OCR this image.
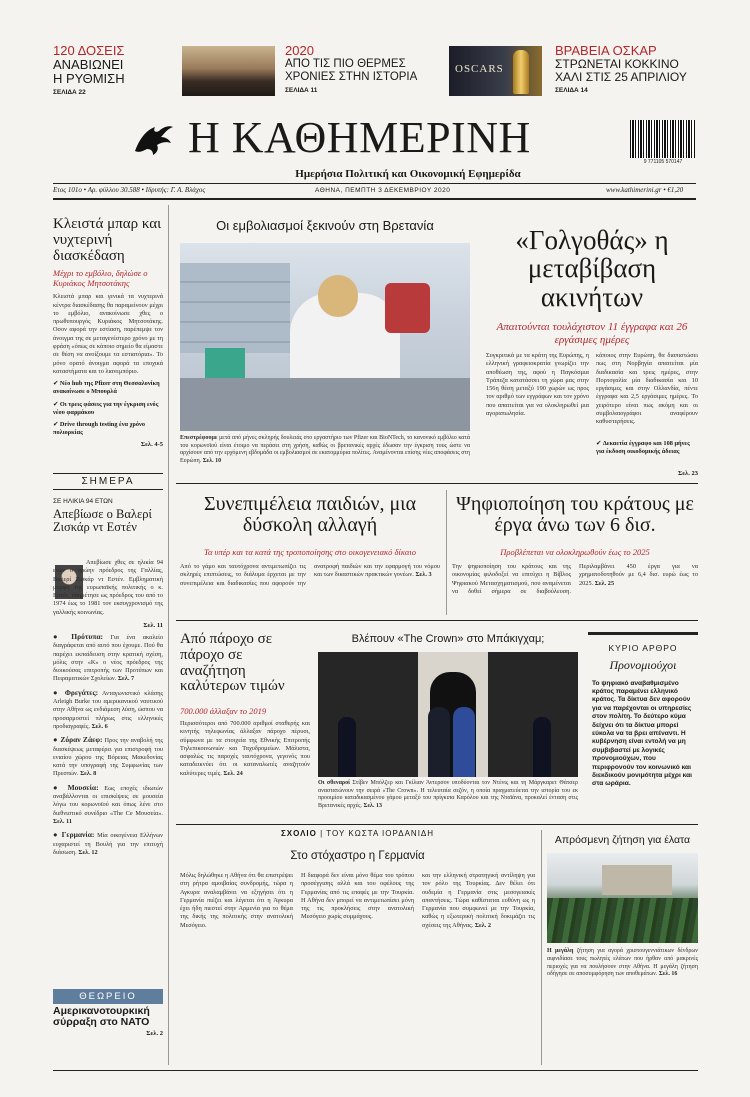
120 ΔΟΣΕΙΣ
ΑΝΑΒΙΩΝΕΙ
Η ΡΥΘΜΙΣΗ
ΣΕΛΙΔΑ 22
2020
ΑΠΟ ΤΙΣ ΠΙΟ ΘΕΡΜΕΣ
ΧΡΟΝΙΕΣ ΣΤΗΝ ΙΣΤΟΡΙΑ
ΣΕΛΙΔΑ 11
OSCARS
ΒΡΑΒΕΙΑ ΟΣΚΑΡ
ΣΤΡΩΝΕΤΑΙ ΚΟΚΚΙΝΟ
ΧΑΛΙ ΣΤΙΣ 25 ΑΠΡΙΛΙΟΥ
ΣΕΛΙΔΑ 14
Η ΚΑΘΗΜΕΡΙΝΗ
Ημερήσια Πολιτική και Οικονομική Εφημερίδα
9 771105 570147
Ετος 101ο • Αρ. φύλλου 30.588 • Ιδρυτής: Γ. Α. Βλάχος	ΑΘΗΝΑ, ΠΕΜΠΤΗ 3 ΔΕΚΕΜΒΡΙΟΥ 2020	www.kathimerini.gr • €1,20
Κλειστά μπαρ και νυχτερινή διασκέδαση
Μέχρι το εμβόλιο, δηλώσε ο Κυριάκος Μητσοτάκης
Κλειστά μπαρ και γενικά τα νυχτερινά κέντρα διασκέδασης θα παραμείνουν μέχρι το εμβόλιο, ανακοίνωσε χθες ο πρωθυπουργός Κυριάκος Μητσοτάκης. Οσον αφορά την εστίαση, παρέπεμψε τον άνοιγμα της σε μεταγενέστερο χρόνο με τη φράση «όπως σε κάποιο σημείο θα είμαστε σε θέση να ανοίξουμε τα εστιατόρια». Το μόνο ορατό άνοιγμα αφορά τα εποχικά καταστήματα και το λιανεμπόριο.
✔ Νέο hub της Pfizer στη Θεσσαλονίκη ανακοίνωσε ο Μπουρλά
✔ Οι τρεις φάσεις για την έγκριση ενός νέου φαρμάκου
✔ Drive through testing ένα χρόνο πολιορκίας
Σελ. 4-5
ΣΗΜΕΡΑ
ΣΕ ΗΛΙΚΙΑ 94 ΕΤΩΝ
Απεβίωσε ο Βαλερί Ζισκάρ ντ Εστέν
Απεβίωσε χθες σε ηλικία 94 ετών ο πρώην πρόεδρος της Γαλλίας, Βαλερί Ζισκάρ ντ Εστέν. Εμβληματική μορφή της ευρωπαϊκής πολιτικής ο κ. Εστέν, υπηρέτησε ως πρόεδρος του από το 1974 έως το 1981 τον εκσυγχρονισμό της γαλλικής κοινωνίας.
Σελ. 11
● Πρότυπα: Για ένα ακαλείο διαγράφεται από αυτό που έχουμε. Πού θα παρέχει εκπαίδευση στην κρατική σχέση, μόλις στην «Κ» ο νέος πρόεδρος της διοικούσας επιτροπής των Προτύπων και Πειραματικών Σχολείων. Σελ. 7
● Φρεγάτες: Ανταγωνιστικό κλάσης Arleigh Burke του αμερικανικού ναυτικού στην Αθήνα ως ενδιάμεση λύση, ώσπου να προσαρμοστεί πλήρως στις ελληνικές προδιαγραφές. Σελ. 6
● Ζόραν Ζάεφ: Προς την αναβολή της διασκέψεως μεταφέρει για επιστροφή του ενιαίου χώρου της Βόρειας Μακεδονίας κατά την υπογραφή της Συμφωνίας των Πρεσπών. Σελ. 8
● Μουσεία: Εως εποχές ιδιωτών αναβάλλονται οι επισκέψεις σε μουσεία λόγω του κορωνοϊού και όπως λένε στο διεθνιστικό συνέδριο «The Ce Μουσεία». Σελ. 11
● Γερμανία: Μία οικογένεια Ελλήνων ευχαριστεί τη Βουλή για την επιτυχή διάσωση. Σελ. 12
ΘΕΩΡΕΙΟ
Αμερικανοτουρκική σύρραξη στο ΝΑΤΟ
Σελ. 2
Οι εμβολιασμοί ξεκινούν στη Βρετανία
Επεστρέφουμε μετά από μήνες σκληρής δουλειάς στο εργαστήριο των Pfizer και BioNTech, το κανονικό εμβόλιο κατά του κορωνοϊού είναι έτοιμο να περάσει στη χρήση, καθώς οι βρετανικές αρχές έδωσαν την έγκριση τους ώστε να αρχίσουν από την ερχόμενη εβδομάδα οι εμβολιασμοί σε εκατομμύρια πολίτες. Αναμένονται επίσης νέες αποφάσεις στη Ευρώπη. Σελ. 10
«Γολγοθάς» η μεταβίβαση ακινήτων
Απαιτούνται τουλάχιστον 11 έγγραφα και 26 εργάσιμες ημέρες
Συγκριτικά με τα κράτη της Ευρώπης, η ελληνική γραφειοκρατία γνωρίζει την αποθέωση της, αφού η Παγκόσμια Τράπεζα κατατάσσει τη χώρα μας στην 156η θέση μεταξύ 190 χωρών ως προς τον αριθμό των εγγράφων και τον χρόνο που απαιτείται για να ολοκληρωθεί μια αγοραπωλησία.
κάποιος στην Ευρώπη, θα διαπιστώσει πως στη Νορβηγία απαιτείται μία διαδικασία και τρεις ημέρες, στην Πορτογαλία μία διαδικασία και 10 εργάσιμες και στην Ολλανδία, πέντε έγγραφα και 2,5 εργάσιμες ημέρες. Το χειρότερο είναι πως ακόμη και οι συμβολαιογράφοι αναφέρουν καθυστερήσεις.
✔ Δεκαετία έγγραφο και 108 μήνες για έκδοση οικοδομικής άδειας
Σελ. 23
Συνεπιμέλεια παιδιών, μια δύσκολη αλλαγή
Τα υπέρ και τα κατά της τροποποίησης στο οικογενειακό δίκαιο
Από το γάμο και ταυτόχρονα αντιμετωπίζει τις σκληρές επιπτώσεις, το διάλυμα έρχεται με την συνεπιμέλεια και διαδικασίες που αφορούν την ανατροφή παιδιών και την εφαρμογή του νόμου και των δικαστικών πρακτικών γονέων. Σελ. 3
Ψηφιοποίηση του κράτους με έργα άνω των 6 δισ.
Προβλέπεται να ολοκληρωθούν έως το 2025
Την ψηφιοποίηση του κράτους και της οικονομίας φιλοδοξεί να επιτύχει η Βίβλος Ψηφιακού Μετασχηματισμού, που αναμένεται να δοθεί σήμερα σε διαβούλευση. Περιλαμβάνει 450 έργα για να χρηματοδοτηθούν με 6,4 δισ. ευρώ έως το 2025. Σελ. 25
Από πάροχο σε πάροχο σε αναζήτηση καλύτερων τιμών
700.000 άλλαξαν το 2019
Περισσότεροι από 700.000 αριθμοί σταθερής και κινητής τηλεφωνίας άλλαξαν πάροχο πέρυσι, σύμφωνα με τα στοιχεία της Εθνικής Επιτροπής Τηλεπικοινωνιών και Ταχυδρομείων. Μάλιστα, ασφαλώς τις παροχές ταυτόχρονα, γεγονός που καταδεικνύει ότι οι καταναλωτές αναζητούν καλύτερες τιμές. Σελ. 24
Βλέπουν «The Crown» στο Μπάκιγχαμ;
Οι σθεναροί Στίβεν Μπόλζερ και Γκίλιαν Άντερσον υποδύονται τον Ντένις και τη Μάργκαρετ Θάτσερ αναστατώνουν την σειρά «The Crown». Η τελευταία σεζόν, η οποία πραγματεύεται την ιστορία του εκ προοιμίου καταδικασμένου γάμου μεταξύ του πρίγκιπα Καρόλου και της Νταϊάνα, προκαλεί ένταση στις Βρετανικές αρχές. Σελ. 13
ΚΥΡΙΟ ΑΡΘΡΟ
Προνομιούχοι
Το ψηφιακό αναβαθμισμένο κράτος παραμένει ελληνικό κράτος. Τα δίκτυα δεν αφορούν για να παρέχονται οι υπηρεσίες στον πολίτη. Το δεύτερο κύμα δείχνει ότι τα δίκτυα μπορεί εύκολα να τα βρει απέναντι. Η κυβέρνηση είναι εντολή να μη συμβιβαστεί με λογικές προνομιούχων, που περιφρονούν τον κοινωνικό και διεκδικούν μονιμότητα μέχρι και στα ωράρια.
ΣΧΟΛΙΟ | ΤΟΥ ΚΩΣΤΑ ΙΟΡΔΑΝΙΔΗ
Στο στόχαστρο η Γερμανία
Μόλις δηλώθηκε η Αθήνα ότι θα επιστρέψει στη ρήτρα αμοιβαίας συνδρομής, τώρα η Αγκυρα αναλαμβάνει να εξηγήσει ότι η Γερμανία πιέζει και λέγεται ότι η Άγκυρα έχει ήδη πιεστεί στην Αρμενία για το θέμα της δικής της πολιτικής στην ανατολική Μεσόγειο.
Η διαφορά δεν είναι μόνο θέμα του τρόπου προσέγγισης αλλά και του οφέλους της Γερμανίας από τις επαφές με την Τουρκία. Η Αθήνα δεν μπορεί να αντιμετωπίσει μόνη της τις προκλήσεις στην ανατολική Μεσόγειο χωρίς συμμάχους.
και την ελληνική στρατηγική αντίληψη για τον ρόλο της Τουρκίας. Δεν θέλει ότι ουδεμία η Γερμανία στις μεσογειακές απαντήσεις. Τώρα καθίσταται ευθύνη ως η Γερμανία που συμφωνεί με την Τουρκία, καθώς η εξωτερική πολιτική δοκιμάζει τις σχέσεις της Αθήνας. Σελ. 2
Απρόσμενη ζήτηση για έλατα
Η μεγάλη ζήτηση για αγορά χριστουγεννιάτικων δένδρων αιφνιδίασε τους πωλητές ελάτων που ήρθαν από μακρινές περιοχές για να πουλήσουν στην Αθήνα. Η μεγάλη ζήτηση οδήγησε σε αποσυμφόρηση των αποθεμάτων. Σελ. 16
